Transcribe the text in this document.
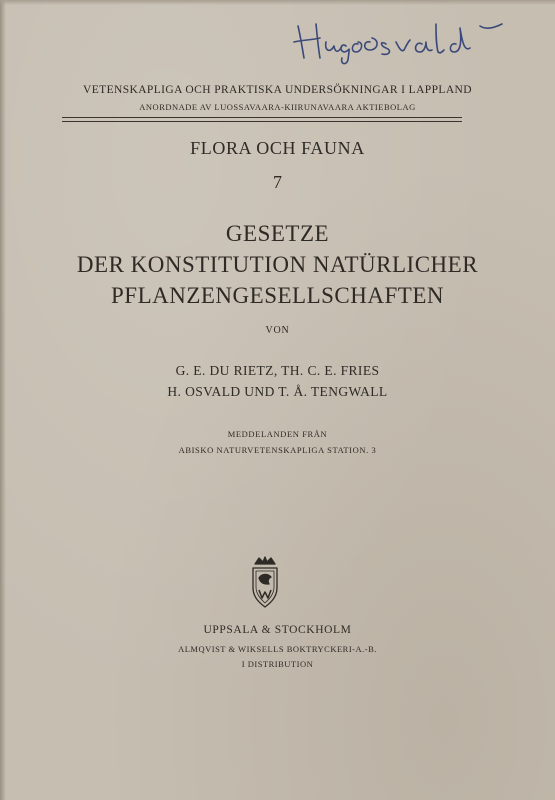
VETENSKAPLIGA OCH PRAKTISKA UNDERSÖKNINGAR I LAPPLAND
ANORDNADE AV LUOSSAVAARA-KIIRUNAVAARA AKTIEBOLAG
FLORA OCH FAUNA
7
GESETZE
DER KONSTITUTION NATÜRLICHER
PFLANZENGESELLSCHAFTEN
VON
G. E. DU RIETZ, TH. C. E. FRIES
H. OSVALD UND T. Å. TENGWALL
MEDDELANDEN FRÅN
ABISKO NATURVETENSKAPLIGA STATION. 3
UPPSALA & STOCKHOLM
ALMQVIST & WIKSELLS BOKTRYCKERI-A.-B.
I DISTRIBUTION
